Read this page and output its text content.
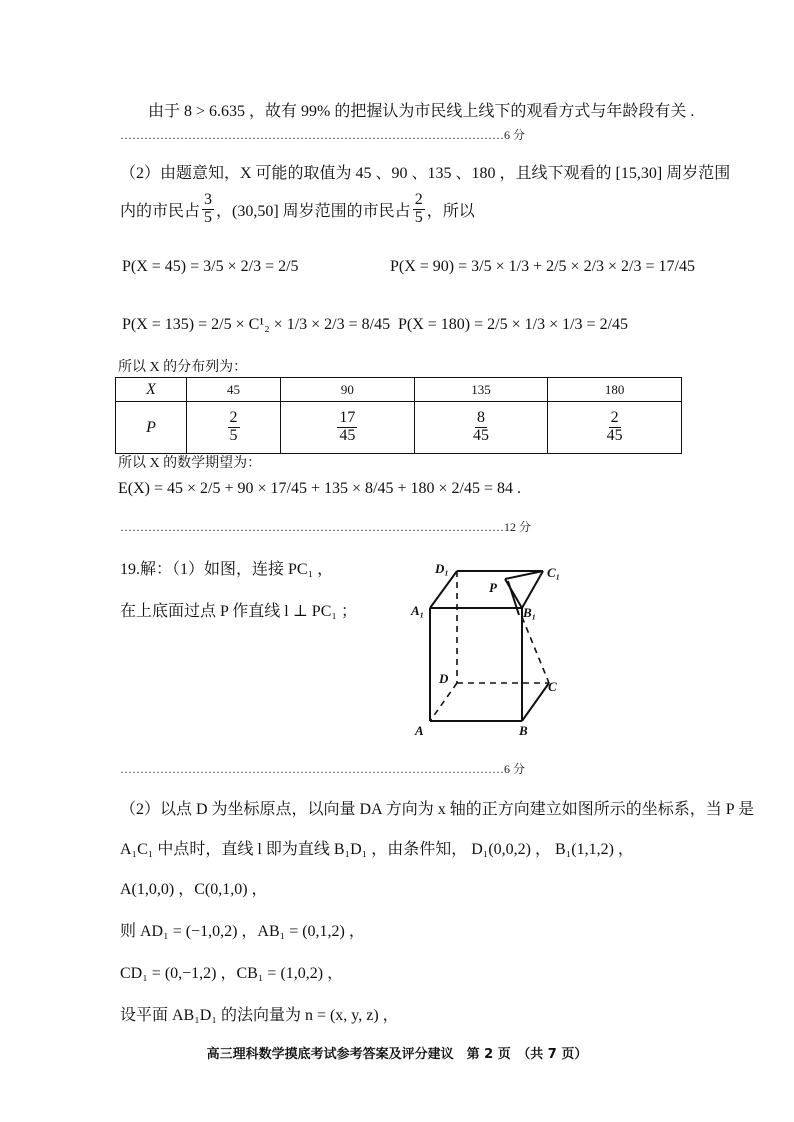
由于 8 > 6.635 ，故有 99% 的把握认为市民线上线下的观看方式与年龄段有关 .
……………………………………………………………………………………6 分
（2）由题意知，X 可能的取值为 45 、90 、135 、180 ，且线下观看的 [15,30] 周岁范围
内的市民占 $\frac{3}{5}$ ，(30,50] 周岁范围的市民占 $\frac{2}{5}$ ，所以
P(X = 45) = 3/5 × 2/3 = 2/5	P(X = 90) = 3/5 × 1/3 + 2/5 × 2/3 × 2/3 = 17/45
P(X = 135) = 2/5 × C¹₂ × 1/3 × 2/3 = 8/45 P(X = 180) = 2/5 × 1/3 × 1/3 = 2/45
所以 X 的分布列为：
X	45	90	135	180
P	$\frac{2}{5}$	$\frac{17}{45}$	$\frac{8}{45}$	$\frac{2}{45}$
所以 X 的数学期望为：
E(X) = 45 × 2/5 + 90 × 17/45 + 135 × 8/45 + 180 × 2/45 = 84 .
……………………………………………………………………………………12 分
19.解：（1）如图，连接 PC₁ ，
在上底面过点 P 作直线 l ⊥ PC₁ ；
D₁	C₁
P
A₁	B₁
D
C
A	B
……………………………………………………………………………………6 分
（2）以点 D 为坐标原点，以向量 DA 方向为 x 轴的正方向建立如图所示的坐标系，当 P 是
A₁C₁ 中点时，直线 l 即为直线 B₁D₁ ，由条件知， D₁(0,0,2) ， B₁(1,1,2) ，
A(1,0,0) ，C(0,1,0) ，
则 AD₁ = (−1,0,2) ，AB₁ = (0,1,2) ，
CD₁ = (0,−1,2) ，CB₁ = (1,0,2) ，
设平面 AB₁D₁ 的法向量为 n = (x, y, z) ，
高三理科数学摸底考试参考答案及评分建议　第 2 页　（共 7 页）
